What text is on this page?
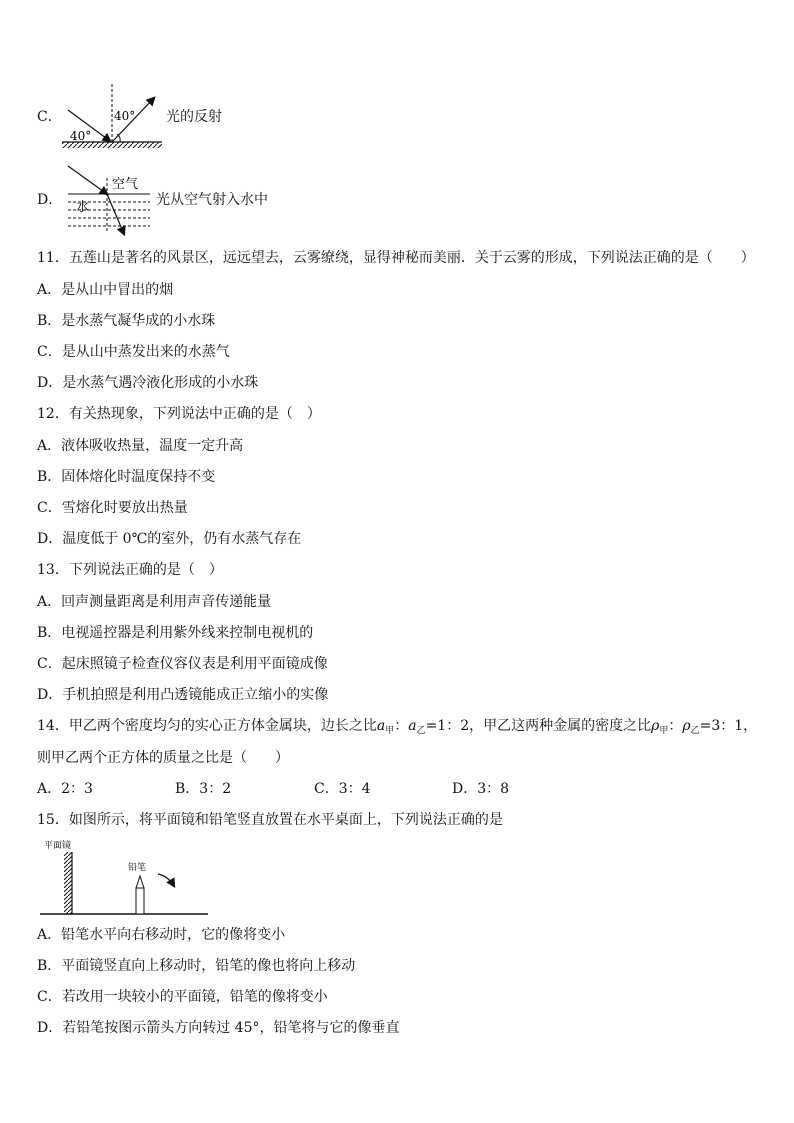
C．	40°
40°
光的反射
D．
空气
水	光从空气射入水中
11．五莲山是著名的风景区，远远望去，云雾缭绕，显得神秘而美丽．关于云雾的形成，下列说法正确的是（　　）
A．是从山中冒出的烟
B．是水蒸气凝华成的小水珠
C．是从山中蒸发出来的水蒸气
D．是水蒸气遇冷液化形成的小水珠
12．有关热现象，下列说法中正确的是（　）
A．液体吸收热量，温度一定升高
B．固体熔化时温度保持不变
C．雪熔化时要放出热量
D．温度低于 0℃的室外，仍有水蒸气存在
13．下列说法正确的是（　）
A．回声测量距离是利用声音传递能量
B．电视遥控器是利用紫外线来控制电视机的
C．起床照镜子检查仪容仪表是利用平面镜成像
D．手机拍照是利用凸透镜能成正立缩小的实像
14．甲乙两个密度均匀的实心正方体金属块，边长之比$a_甲$：$a_乙=1$：2，甲乙这两种金属的密度之比$\rho_甲$：$\rho_乙=3$：1，
则甲乙两个正方体的质量之比是（　　）
A．2：3	B．3：2	C．3：4	D．3：8
15．如图所示，将平面镜和铅笔竖直放置在水平桌面上，下列说法正确的是
平面镜
铅笔
A．铅笔水平向右移动时，它的像将变小
B．平面镜竖直向上移动时，铅笔的像也将向上移动
C．若改用一块较小的平面镜，铅笔的像将变小
D．若铅笔按图示箭头方向转过 45°，铅笔将与它的像垂直
